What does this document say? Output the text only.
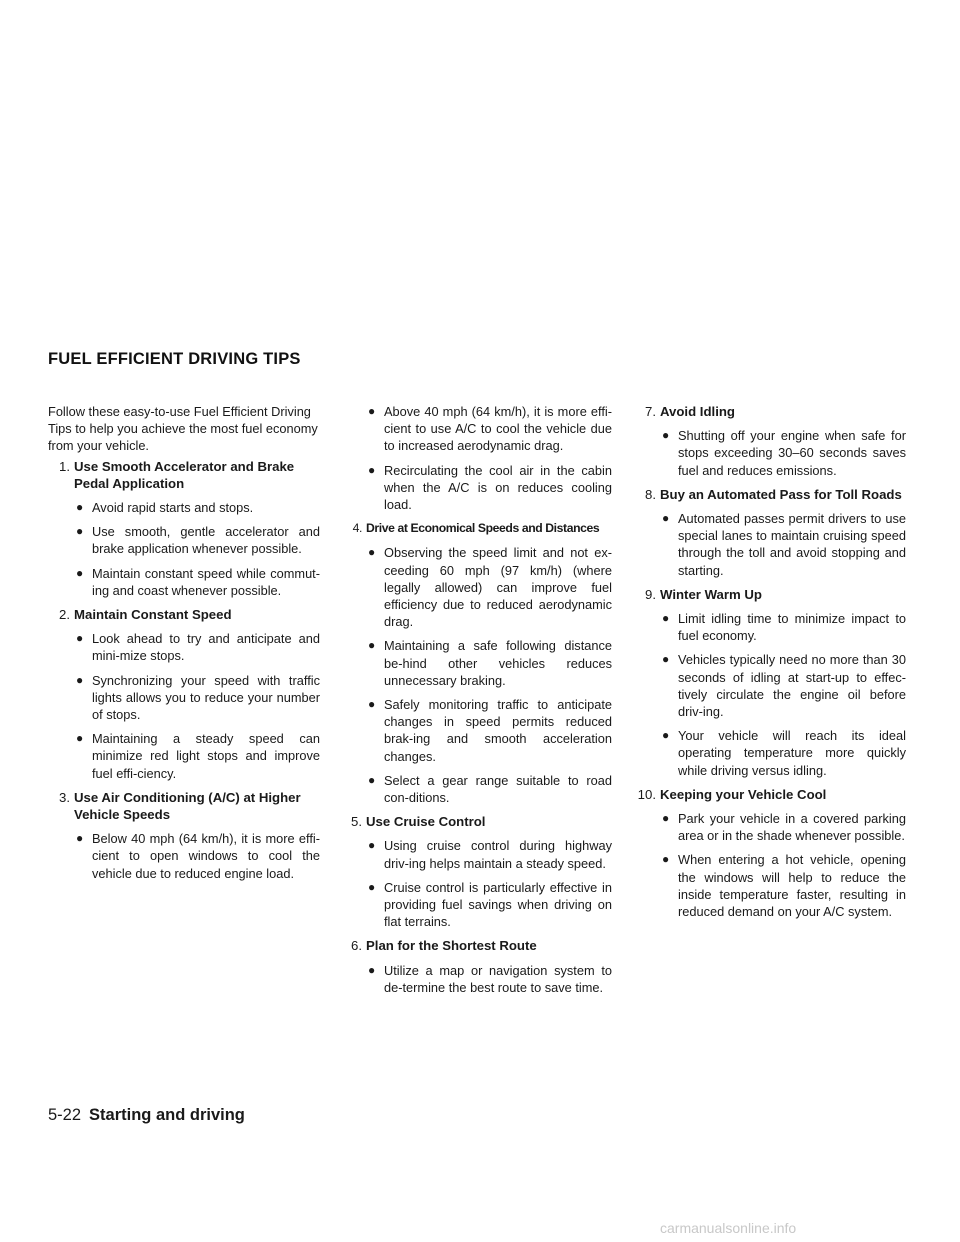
FUEL EFFICIENT DRIVING TIPS

Follow these easy-to-use Fuel Efficient Driving Tips to help you achieve the most fuel economy from your vehicle.

1. Use Smooth Accelerator and Brake Pedal Application
● Avoid rapid starts and stops.
● Use smooth, gentle accelerator and brake application whenever possible.
● Maintain constant speed while commut-ing and coast whenever possible.
2. Maintain Constant Speed
● Look ahead to try and anticipate and mini-mize stops.
● Synchronizing your speed with traffic lights allows you to reduce your number of stops.
● Maintaining a steady speed can minimize red light stops and improve fuel effi-ciency.
3. Use Air Conditioning (A/C) at Higher Vehicle Speeds
● Below 40 mph (64 km/h), it is more effi-cient to open windows to cool the vehicle due to reduced engine load.
● Above 40 mph (64 km/h), it is more effi-cient to use A/C to cool the vehicle due to increased aerodynamic drag.
● Recirculating the cool air in the cabin when the A/C is on reduces cooling load.
4. Drive at Economical Speeds and Distances
● Observing the speed limit and not ex-ceeding 60 mph (97 km/h) (where legally allowed) can improve fuel efficiency due to reduced aerodynamic drag.
● Maintaining a safe following distance be-hind other vehicles reduces unnecessary braking.
● Safely monitoring traffic to anticipate changes in speed permits reduced brak-ing and smooth acceleration changes.
● Select a gear range suitable to road con-ditions.
5. Use Cruise Control
● Using cruise control during highway driv-ing helps maintain a steady speed.
● Cruise control is particularly effective in providing fuel savings when driving on flat terrains.
6. Plan for the Shortest Route
● Utilize a map or navigation system to de-termine the best route to save time.
7. Avoid Idling
● Shutting off your engine when safe for stops exceeding 30–60 seconds saves fuel and reduces emissions.
8. Buy an Automated Pass for Toll Roads
● Automated passes permit drivers to use special lanes to maintain cruising speed through the toll and avoid stopping and starting.
9. Winter Warm Up
● Limit idling time to minimize impact to fuel economy.
● Vehicles typically need no more than 30 seconds of idling at start-up to effec-tively circulate the engine oil before driv-ing.
● Your vehicle will reach its ideal operating temperature more quickly while driving versus idling.
10. Keeping your Vehicle Cool
● Park your vehicle in a covered parking area or in the shade whenever possible.
● When entering a hot vehicle, opening the windows will help to reduce the inside temperature faster, resulting in reduced demand on your A/C system.
5-22 Starting and driving
carmanualsonline.info
